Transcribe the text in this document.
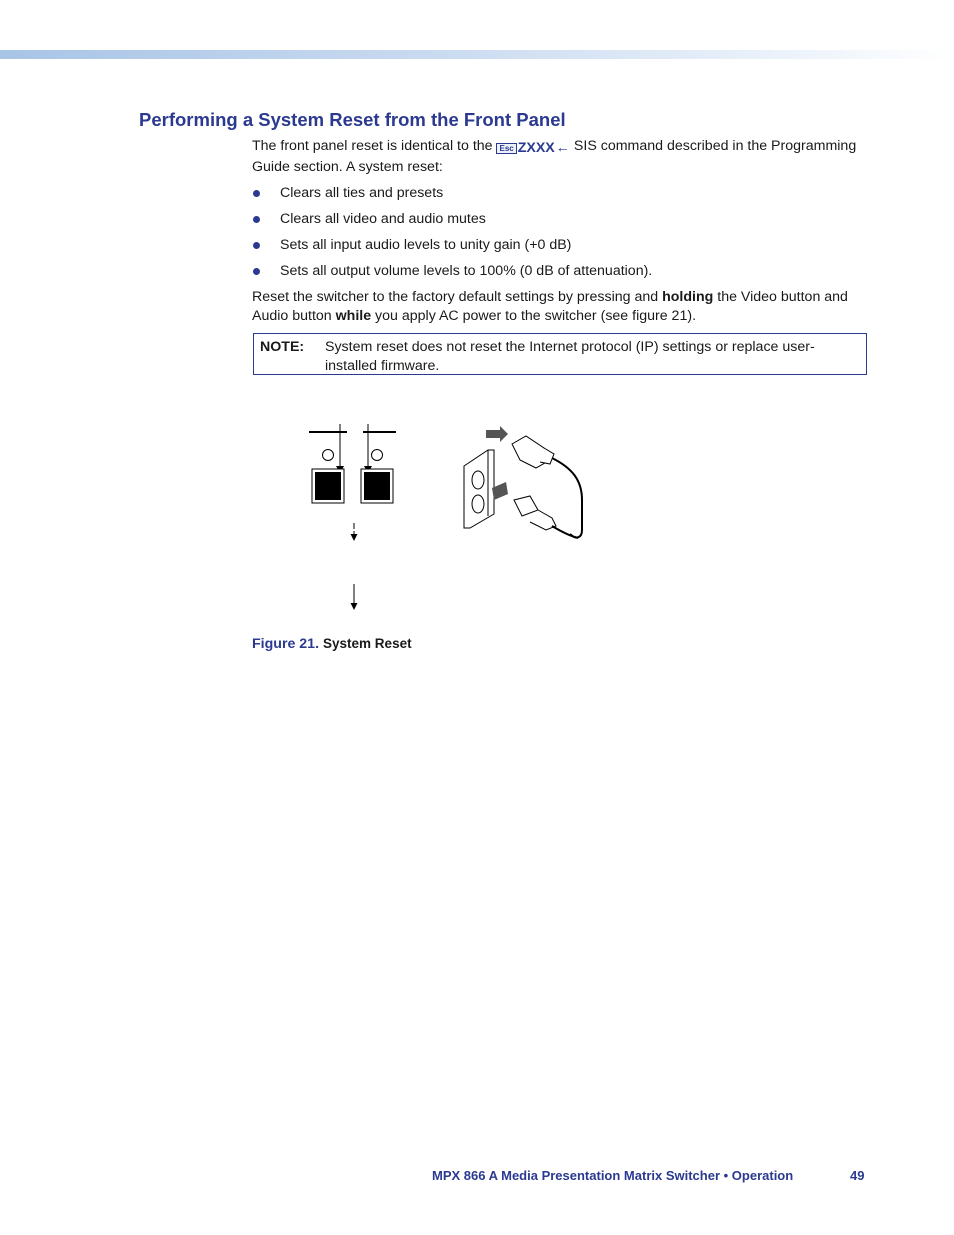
Performing a System Reset from the Front Panel

The front panel reset is identical to the Esc ZXXX ← SIS command described in the Programming Guide section. A system reset:

Clears all ties and presets
Clears all video and audio mutes
Sets all input audio levels to unity gain (+0 dB)
Sets all output volume levels to 100% (0 dB of attenuation).

Reset the switcher to the factory default settings by pressing and holding the Video button and Audio button while you apply AC power to the switcher (see figure 21).

NOTE:	System reset does not reset the Internet protocol (IP) settings or replace user-installed firmware.
Figure 21. System Reset
MPX 866 A Media Presentation Matrix Switcher • Operation	49
